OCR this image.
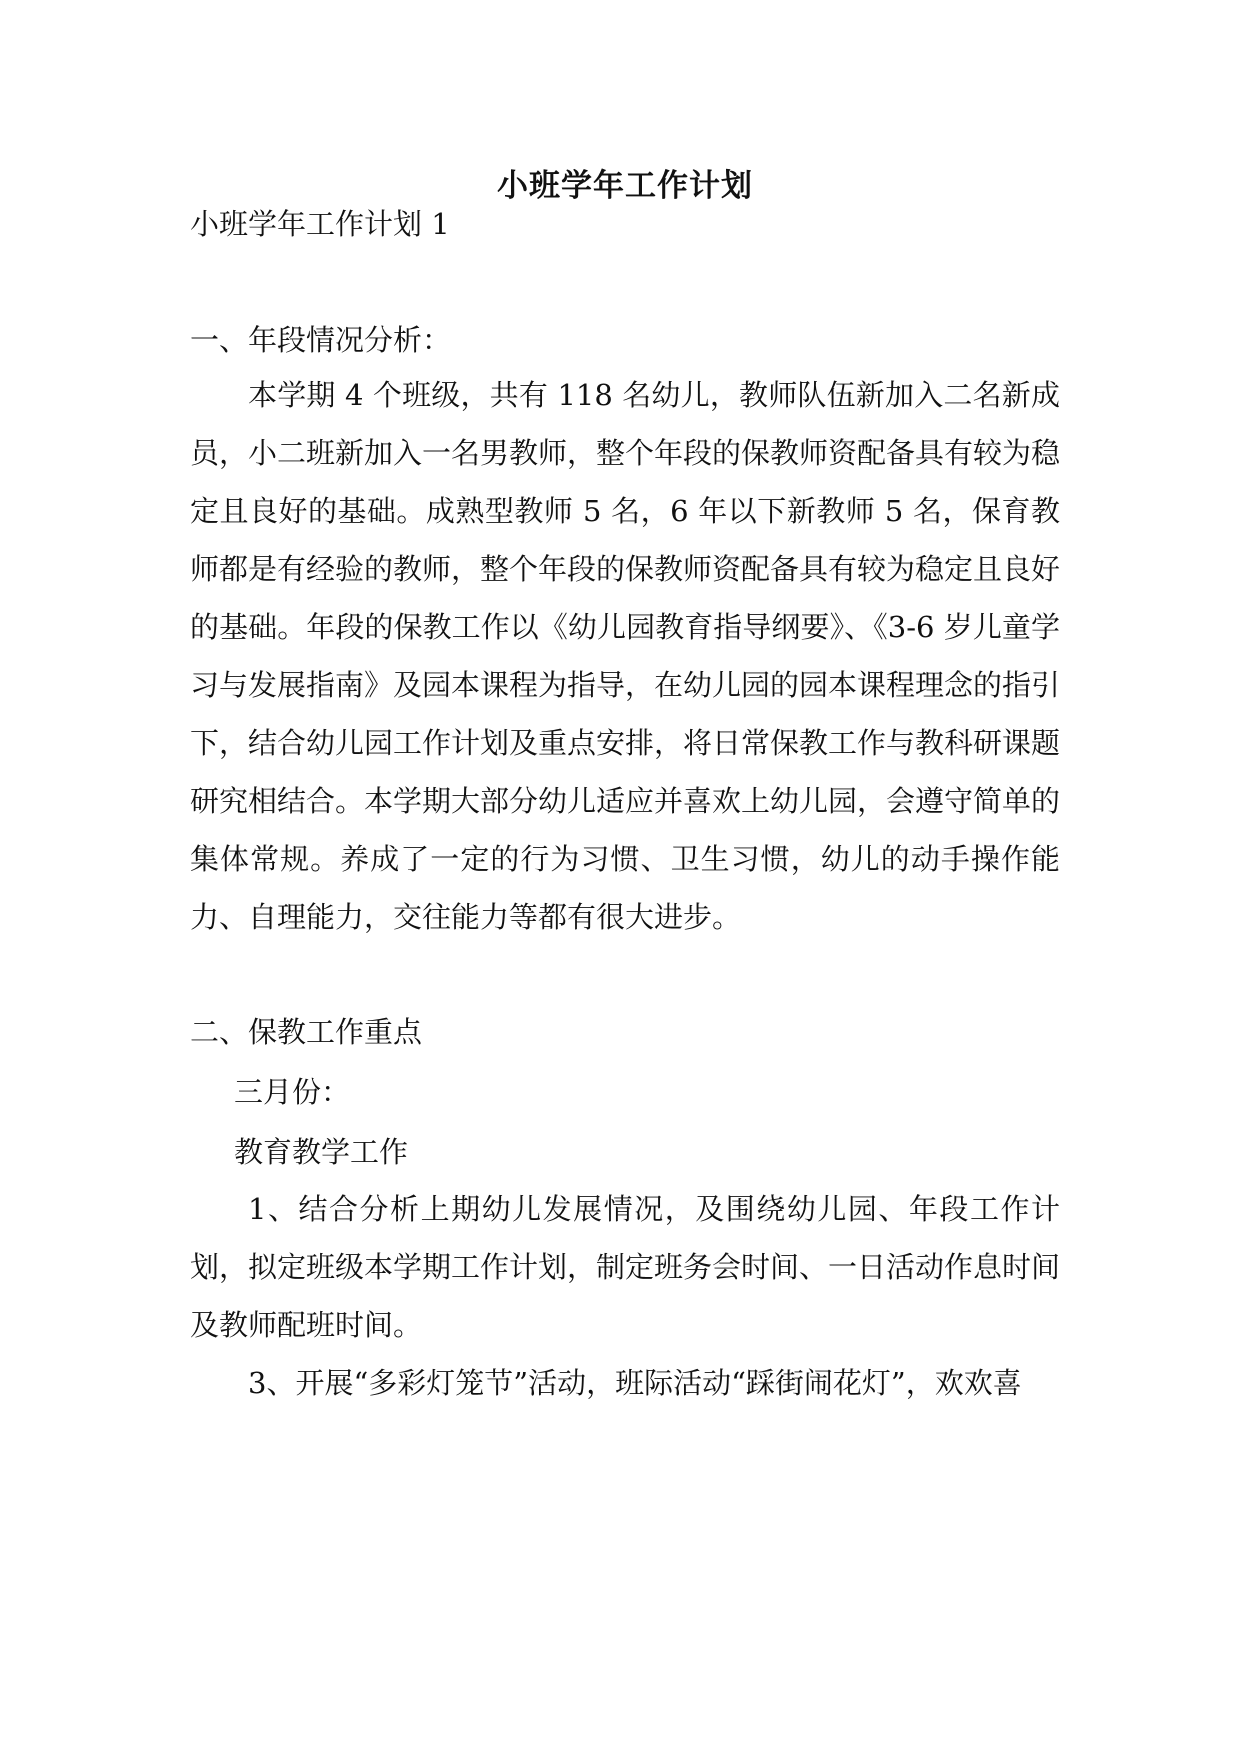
小班学年工作计划
小班学年工作计划 1
一、年段情况分析：

本学期 4 个班级，共有 118 名幼儿，教师队伍新加入二名新成员，小二班新加入一名男教师，整个年段的保教师资配备具有较为稳定且良好的基础。成熟型教师 5 名，6 年以下新教师 5 名，保育教师都是有经验的教师，整个年段的保教师资配备具有较为稳定且良好的基础。年段的保教工作以《幼儿园教育指导纲要》、《3-6 岁儿童学习与发展指南》及园本课程为指导，在幼儿园的园本课程理念的指引下，结合幼儿园工作计划及重点安排，将日常保教工作与教科研课题研究相结合。本学期大部分幼儿适应并喜欢上幼儿园，会遵守简单的集体常规。养成了一定的行为习惯、卫生习惯，幼儿的动手操作能力、自理能力，交往能力等都有很大进步。

二、保教工作重点
三月份：
教育教学工作

1、结合分析上期幼儿发展情况，及围绕幼儿园、年段工作计划，拟定班级本学期工作计划，制定班务会时间、一日活动作息时间及教师配班时间。

3、开展“多彩灯笼节”活动，班际活动“踩街闹花灯”，欢欢喜
